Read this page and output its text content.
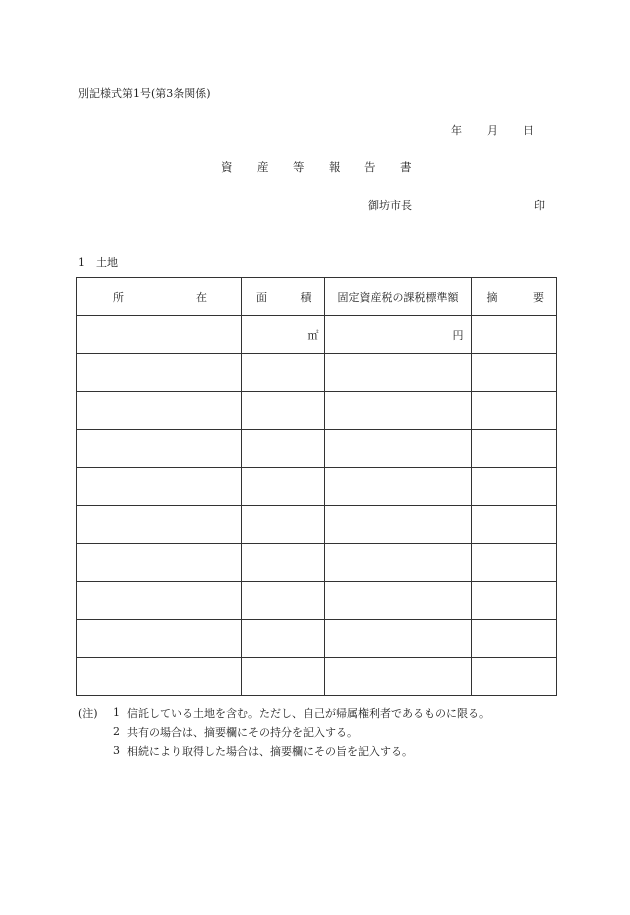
別記様式第1号(第3条関係)
年 月 日
資 産 等 報 告 書
御坊市長	印
1　土地
所 在	面 積	固定資産税の課税標準額	摘 要

	㎡	円	

(注)	1 信託している土地を含む。ただし、自己が帰属権利者であるものに限る。
2 共有の場合は、摘要欄にその持分を記入する。
3 相続により取得した場合は、摘要欄にその旨を記入する。
